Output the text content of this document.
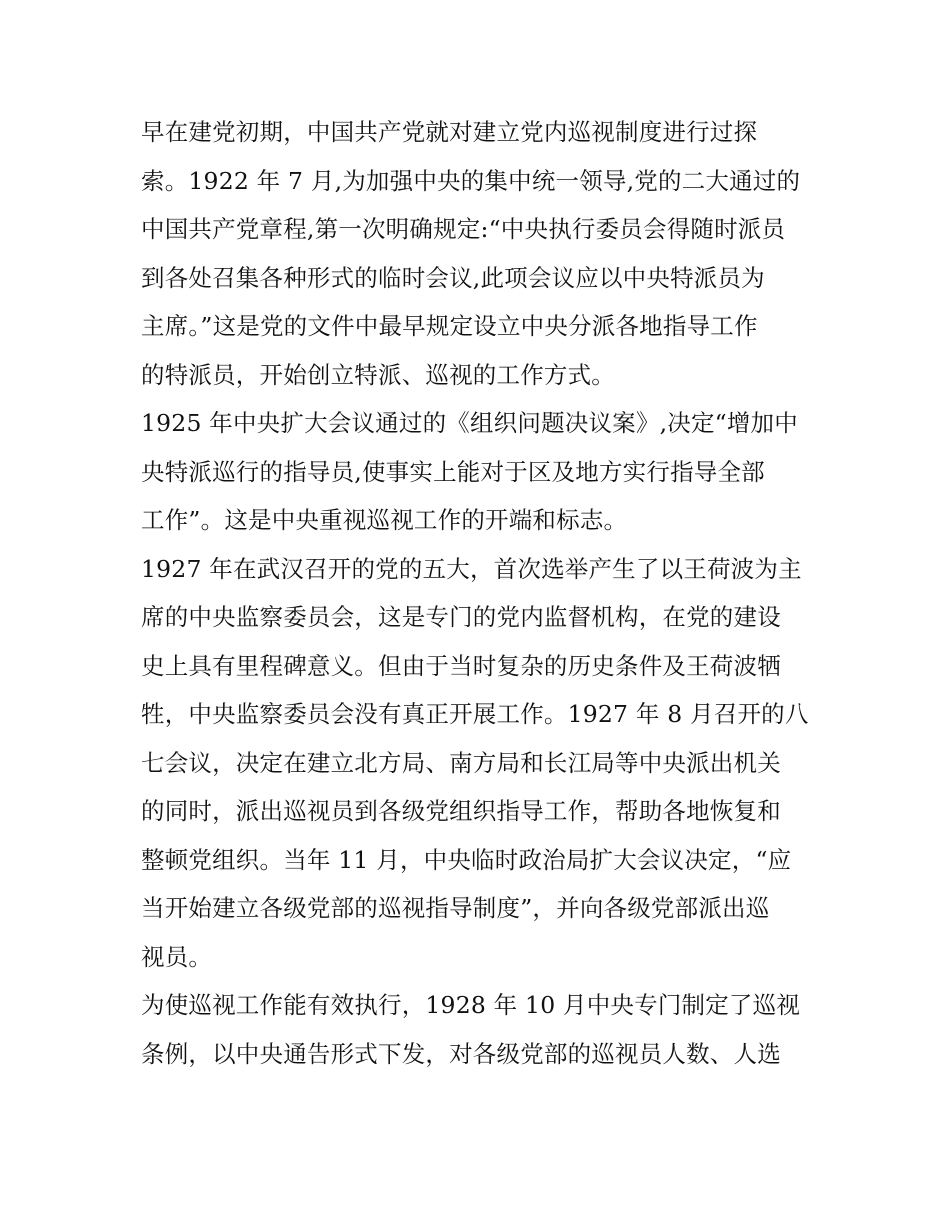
早在建党初期，中国共产党就对建立党内巡视制度进行过探
索。1922 年 7 月,为加强中央的集中统一领导,党的二大通过的
中国共产党章程,第一次明确规定:“中央执行委员会得随时派员
到各处召集各种形式的临时会议,此项会议应以中央特派员为
主席。”这是党的文件中最早规定设立中央分派各地指导工作
的特派员，开始创立特派、巡视的工作方式。
1925 年中央扩大会议通过的《组织问题决议案》,决定“增加中
央特派巡行的指导员,使事实上能对于区及地方实行指导全部
工作”。这是中央重视巡视工作的开端和标志。
1927 年在武汉召开的党的五大，首次选举产生了以王荷波为主
席的中央监察委员会，这是专门的党内监督机构，在党的建设
史上具有里程碑意义。但由于当时复杂的历史条件及王荷波牺
牲，中央监察委员会没有真正开展工作。1927 年 8 月召开的八
七会议，决定在建立北方局、南方局和长江局等中央派出机关
的同时，派出巡视员到各级党组织指导工作，帮助各地恢复和
整顿党组织。当年 11 月，中央临时政治局扩大会议决定，“应
当开始建立各级党部的巡视指导制度”，并向各级党部派出巡
视员。
为使巡视工作能有效执行，1928 年 10 月中央专门制定了巡视
条例，以中央通告形式下发，对各级党部的巡视员人数、人选
